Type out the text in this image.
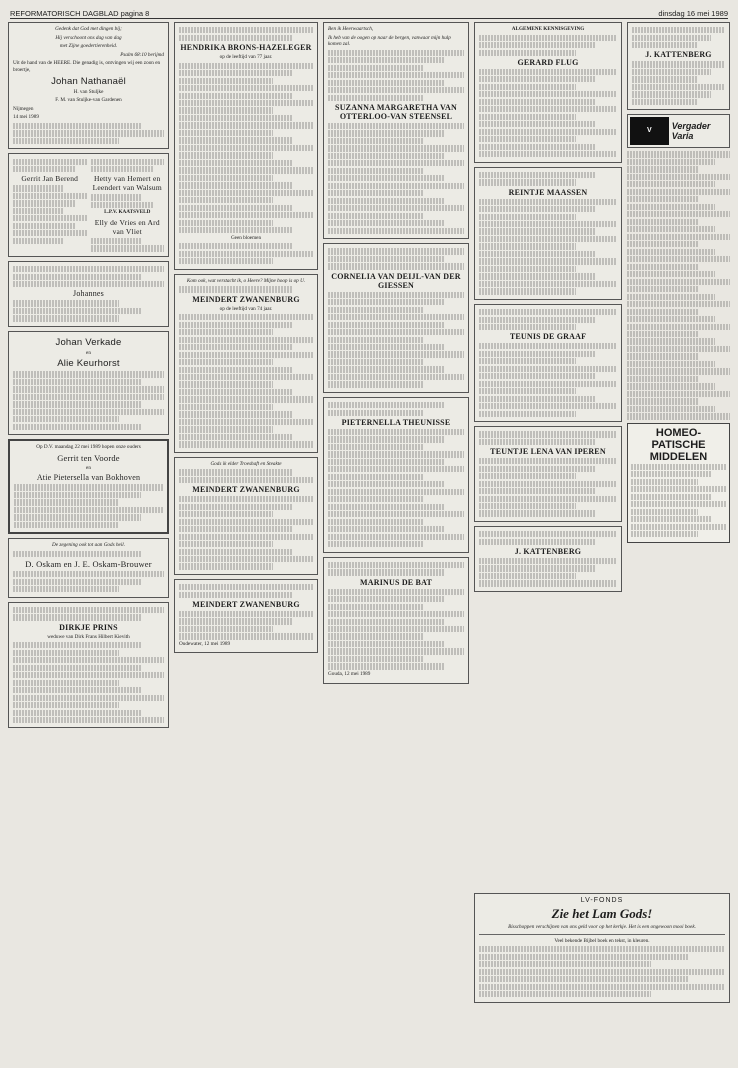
REFORMATORISCH DAGBLAD pagina 8	dinsdag 16 mei 1989
Gedenk dat God met dingen bij;
Hij verschoont ons dag van dag
met Zijne goedertierenheid.
Psalm 68:10 berijmd
Uit de hand van de HEERE. Die genadig is, ontvingen wij een zoon en broertje,
Johan Nathanaël
H. van Stuljke
F. M. van Stuljke-van Gardenen
Nijmegen
14 mei 1989
Gerrit Jan Berend	Hetty van Hemert en Leendert van Walsum
L.P.V. KAATSVELD
Elly de Vries en Ard van Vliet
Johannes
Johan Verkade
en
Alie Keurhorst
Op D.V. maandag 22 mei 1989 hopen onze ouders
Gerrit ten Voorde
en
Atie Pietersella van Bokhoven
De zegening ook tot aan Gods heil.
D. Oskam en J. E. Oskam-Brouwer
DIRKJE PRINS
weduwe van Dirk Frans Hilbert Kievith
HENDRIKA BRONS-HAZELEGER
op de leeftijd van 77 jaar.
Geen bloemen
Kom ook, wat verstacht ik, o Heere? Mijne hoop is op U.
MEINDERT ZWANENBURG
op de leeftijd van 74 jaar.
Gods ik elder Troeshaft en Steakte
MEINDERT ZWANENBURG
MEINDERT ZWANENBURG
Oudewater, 12 mei 1989
Ben ik Heerwaartsch,
Ik heb van de oogen op naar de bergen, vanwaar mijn hulp komen zal.
SUZANNA MARGARETHA VAN OTTERLOO-VAN STEENSEL
CORNELIA VAN DEIJL-VAN DER GIESSEN
PIETERNELLA THEUNISSE
MARINUS DE BAT
Gouda, 12 mei 1989
ALGEMENE KENNISGEVING
GERARD FLUG
REINTJE MAASSEN
TEUNIS DE GRAAF
TEUNTJE LENA VAN IPEREN
J. KATTENBERG
J. KATTENBERG
V Vergader Varia
HOMEO- PATISCHE MIDDELEN
LV-FONDS
Zie het Lam Gods!
Bisschoppen verschijnen van ons geld voor op het kerkje. Het is een ongewoon mooi boek.
Veel bekende Bijbel boek en tekst, in kleuren.
